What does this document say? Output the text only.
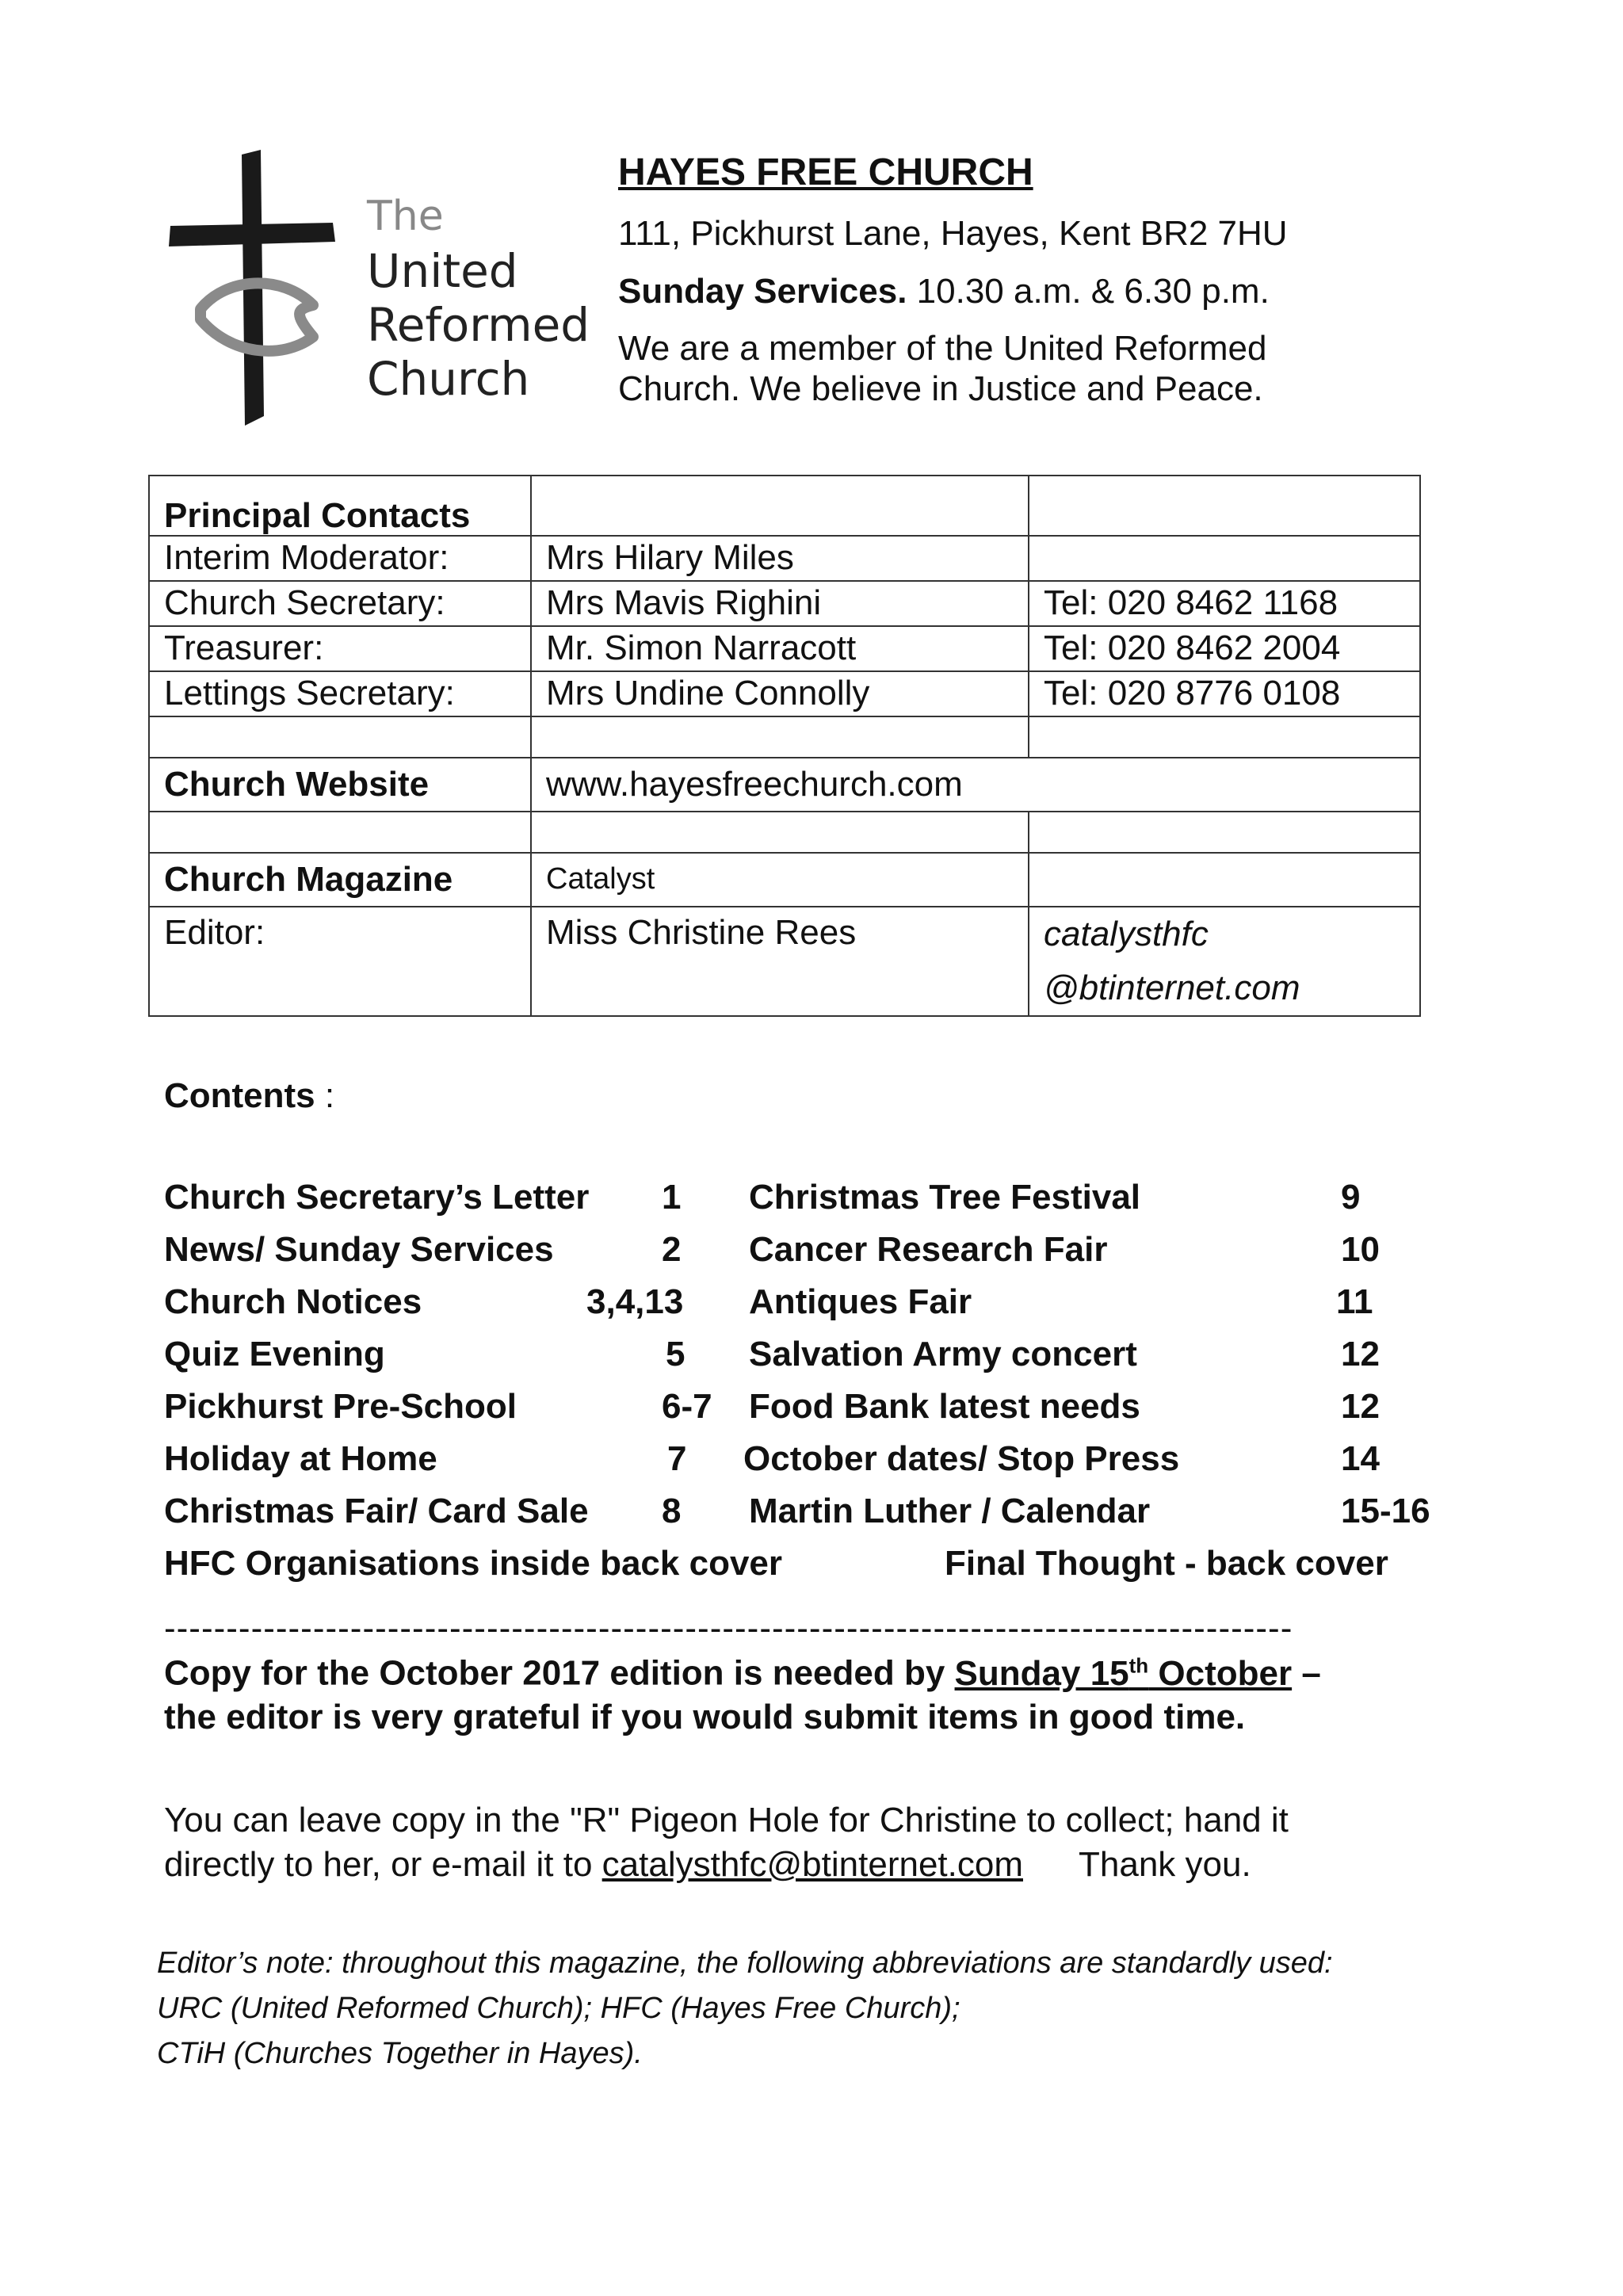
The
United
Reformed
Church
HAYES FREE CHURCH
111, Pickhurst Lane, Hayes, Kent BR2 7HU
Sunday Services. 10.30 a.m. & 6.30 p.m.
We are a member of the United Reformed
Church. We believe in Justice and Peace.
Principal Contacts		
Interim Moderator:	Mrs Hilary Miles	
Church Secretary:	Mrs Mavis Righini	Tel: 020 8462 1168
Treasurer:	Mr. Simon Narracott	Tel: 020 8462 2004
Lettings Secretary:	Mrs Undine Connolly	Tel: 020 8776 0108

Church Website	www.hayesfreechurch.com	

Church Magazine	Catalyst	
Editor:	Miss Christine Rees	catalysthfc
@btinternet.com
Contents :
Church Secretary’s Letter 1
News/ Sunday Services	2
Church Notices	3,4,13
Quiz Evening	5
Pickhurst Pre-School	6-7
Holiday at Home	7
Christmas Fair/ Card Sale 8
Christmas Tree Festival	9
Cancer Research Fair	10
Antiques Fair	11
Salvation Army concert	12
Food Bank latest needs	12
October dates/ Stop Press	14
Martin Luther / Calendar	15-16
HFC Organisations inside back cover	Final Thought - back cover
-------------------------------------------------------------------------------------------
Copy for the October 2017 edition is needed by Sunday 15th October –
the editor is very grateful if you would submit items in good time.
You can leave copy in the "R" Pigeon Hole for Christine to collect; hand it
directly to her, or e-mail it to catalysthfc@btinternet.com Thank you.
Editor’s note: throughout this magazine, the following abbreviations are standardly used:
URC (United Reformed Church); HFC (Hayes Free Church);
CTiH (Churches Together in Hayes).
